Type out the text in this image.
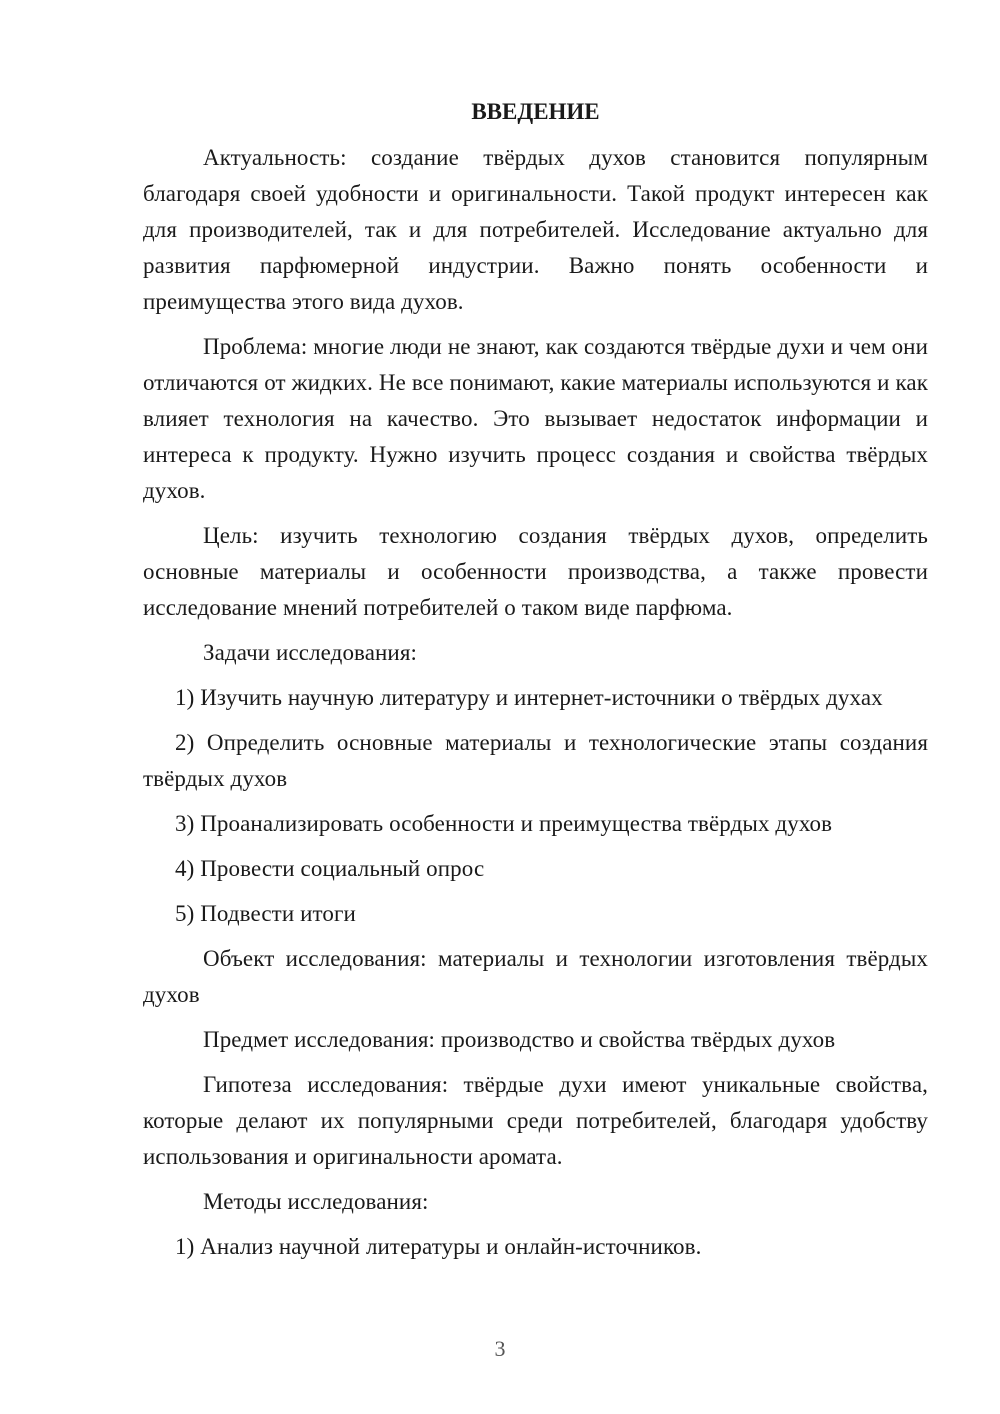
ВВЕДЕНИЕ

Актуальность: создание твёрдых духов становится популярным благодаря своей удобности и оригинальности. Такой продукт интересен как для производителей, так и для потребителей. Исследование актуально для развития парфюмерной индустрии. Важно понять особенности и преимущества этого вида духов.

Проблема: многие люди не знают, как создаются твёрдые духи и чем они отличаются от жидких. Не все понимают, какие материалы используются и как влияет технология на качество. Это вызывает недостаток информации и интереса к продукту. Нужно изучить процесс создания и свойства твёрдых духов.

Цель: изучить технологию создания твёрдых духов, определить основные материалы и особенности производства, а также провести исследование мнений потребителей о таком виде парфюма.

Задачи исследования:

1) Изучить научную литературу и интернет-источники о твёрдых духах

2) Определить основные материалы и технологические этапы создания твёрдых духов

3) Проанализировать особенности и преимущества твёрдых духов

4) Провести социальный опрос

5) Подвести итоги

Объект исследования: материалы и технологии изготовления твёрдых духов

Предмет исследования: производство и свойства твёрдых духов

Гипотеза исследования: твёрдые духи имеют уникальные свойства, которые делают их популярными среди потребителей, благодаря удобству использования и оригинальности аромата.

Методы исследования:

1) Анализ научной литературы и онлайн-источников.

3
